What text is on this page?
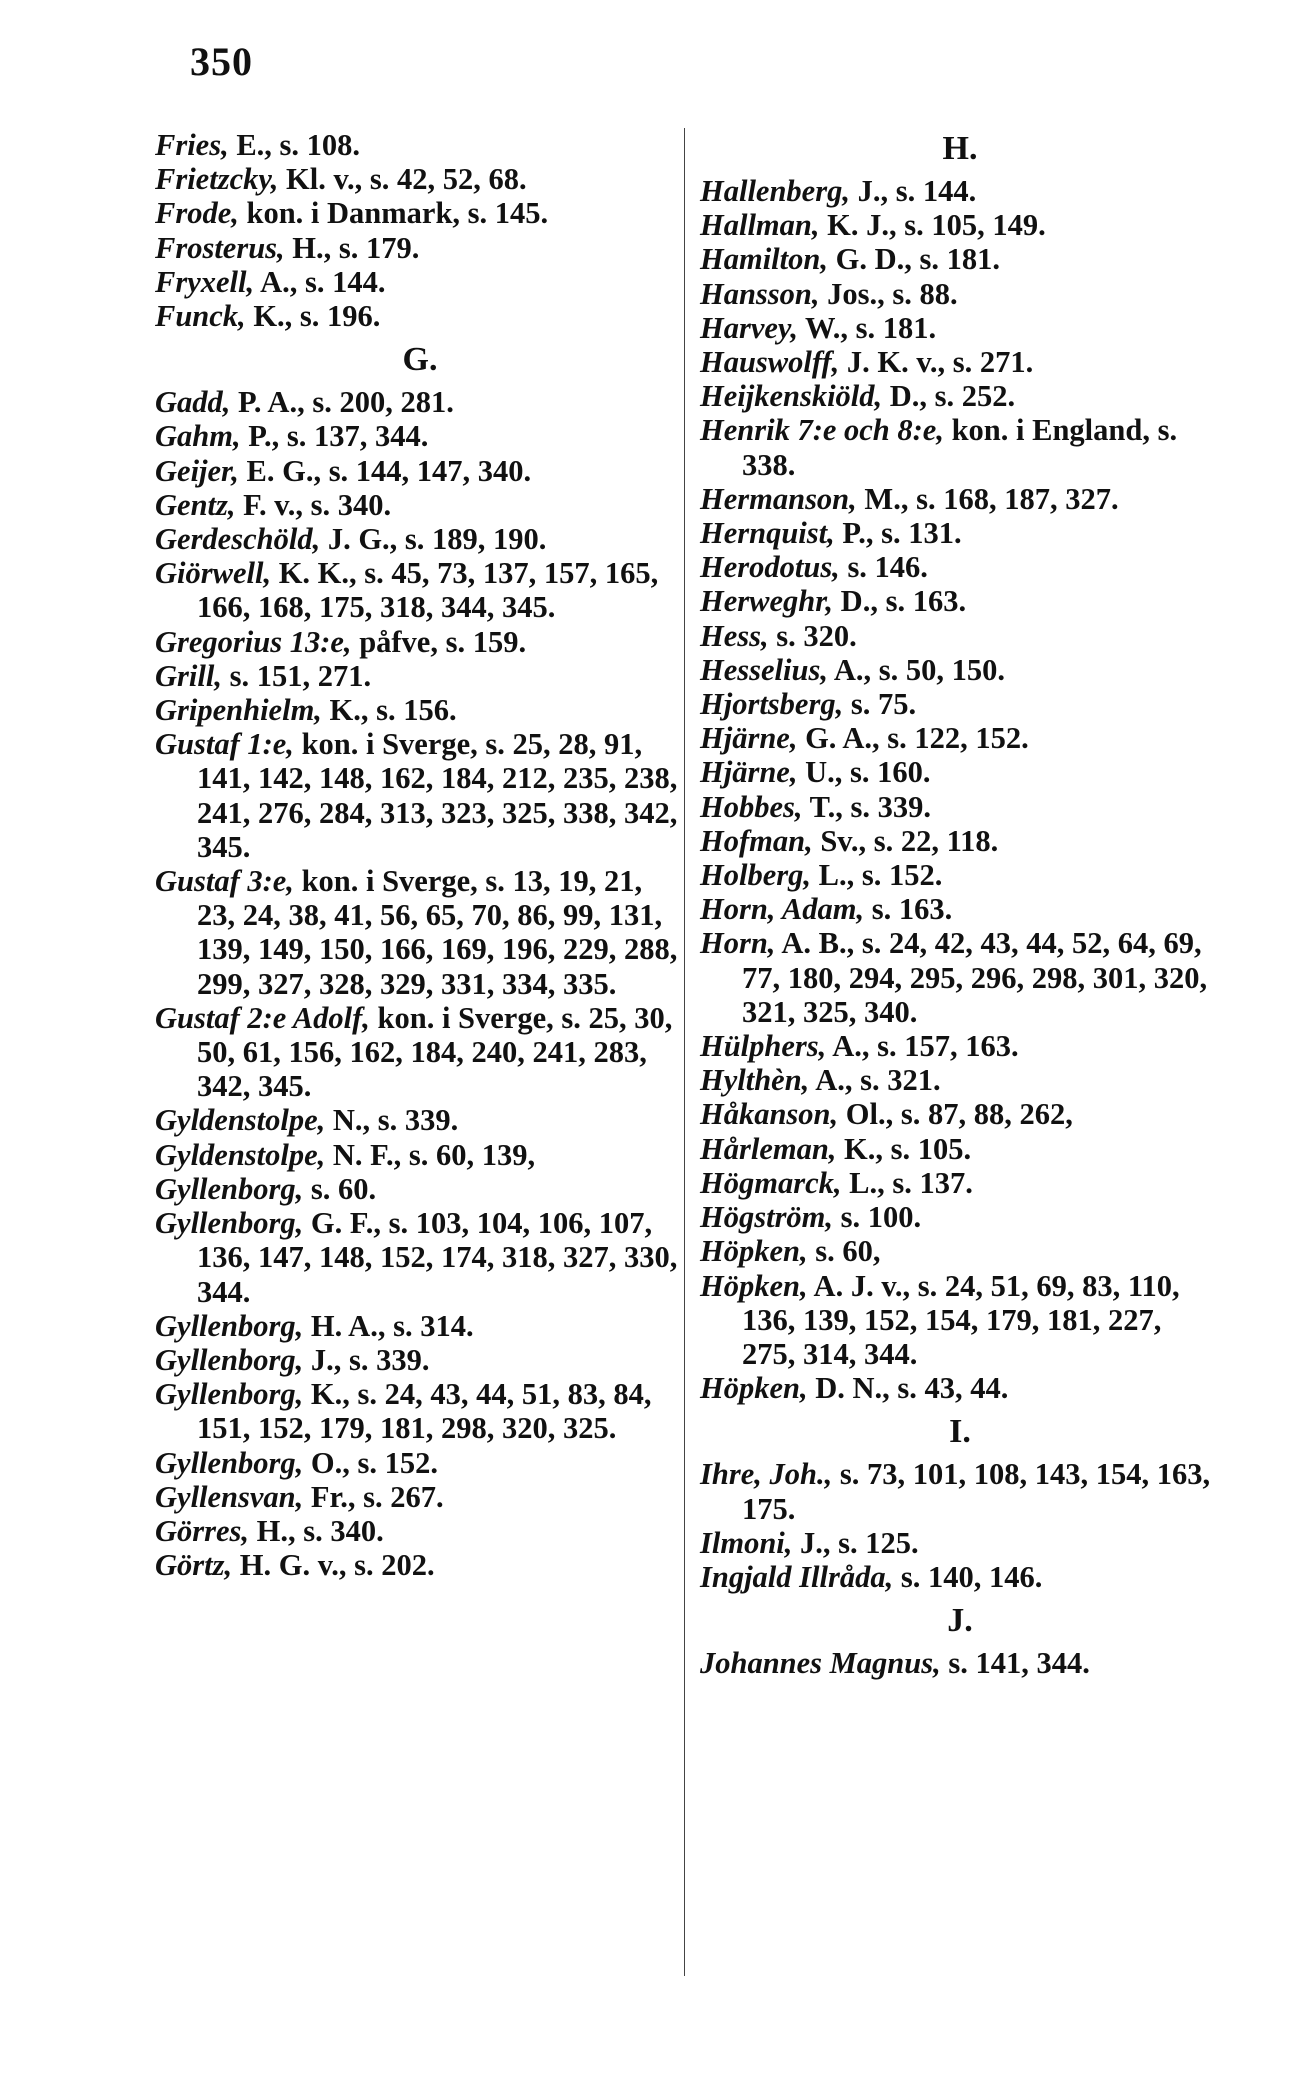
350
Fries, E., s. 108.
Frietzcky, Kl. v., s. 42, 52, 68.
Frode, kon. i Danmark, s. 145.
Frosterus, H., s. 179.
Fryxell, A., s. 144.
Funck, K., s. 196.
G.
Gadd, P. A., s. 200, 281.
Gahm, P., s. 137, 344.
Geijer, E. G., s. 144, 147, 340.
Gentz, F. v., s. 340.
Gerdeschöld, J. G., s. 189, 190.
Giörwell, K. K., s. 45, 73, 137, 157, 165, 166, 168, 175, 318, 344, 345.
Gregorius 13:e, påfve, s. 159.
Grill, s. 151, 271.
Gripenhielm, K., s. 156.
Gustaf 1:e, kon. i Sverge, s. 25, 28, 91, 141, 142, 148, 162, 184, 212, 235, 238, 241, 276, 284, 313, 323, 325, 338, 342, 345.
Gustaf 3:e, kon. i Sverge, s. 13, 19, 21, 23, 24, 38, 41, 56, 65, 70, 86, 99, 131, 139, 149, 150, 166, 169, 196, 229, 288, 299, 327, 328, 329, 331, 334, 335.
Gustaf 2:e Adolf, kon. i Sverge, s. 25, 30, 50, 61, 156, 162, 184, 240, 241, 283, 342, 345.
Gyldenstolpe, N., s. 339.
Gyldenstolpe, N. F., s. 60, 139,
Gyllenborg, s. 60.
Gyllenborg, G. F., s. 103, 104, 106, 107, 136, 147, 148, 152, 174, 318, 327, 330, 344.
Gyllenborg, H. A., s. 314.
Gyllenborg, J., s. 339.
Gyllenborg, K., s. 24, 43, 44, 51, 83, 84, 151, 152, 179, 181, 298, 320, 325.
Gyllenborg, O., s. 152.
Gyllensvan, Fr., s. 267.
Görres, H., s. 340.
Görtz, H. G. v., s. 202.
H.
Hallenberg, J., s. 144.
Hallman, K. J., s. 105, 149.
Hamilton, G. D., s. 181.
Hansson, Jos., s. 88.
Harvey, W., s. 181.
Hauswolff, J. K. v., s. 271.
Heijkenskiöld, D., s. 252.
Henrik 7:e och 8:e, kon. i England, s. 338.
Hermanson, M., s. 168, 187, 327.
Hernquist, P., s. 131.
Herodotus, s. 146.
Herweghr, D., s. 163.
Hess, s. 320.
Hesselius, A., s. 50, 150.
Hjortsberg, s. 75.
Hjärne, G. A., s. 122, 152.
Hjärne, U., s. 160.
Hobbes, T., s. 339.
Hofman, Sv., s. 22, 118.
Holberg, L., s. 152.
Horn, Adam, s. 163.
Horn, A. B., s. 24, 42, 43, 44, 52, 64, 69, 77, 180, 294, 295, 296, 298, 301, 320, 321, 325, 340.
Hülphers, A., s. 157, 163.
Hylthèn, A., s. 321.
Håkanson, Ol., s. 87, 88, 262,
Hårleman, K., s. 105.
Högmarck, L., s. 137.
Högström, s. 100.
Höpken, s. 60,
Höpken, A. J. v., s. 24, 51, 69, 83, 110, 136, 139, 152, 154, 179, 181, 227, 275, 314, 344.
Höpken, D. N., s. 43, 44.
I.
Ihre, Joh., s. 73, 101, 108, 143, 154, 163, 175.
Ilmoni, J., s. 125.
Ingjald Illråda, s. 140, 146.
J.
Johannes Magnus, s. 141, 344.
